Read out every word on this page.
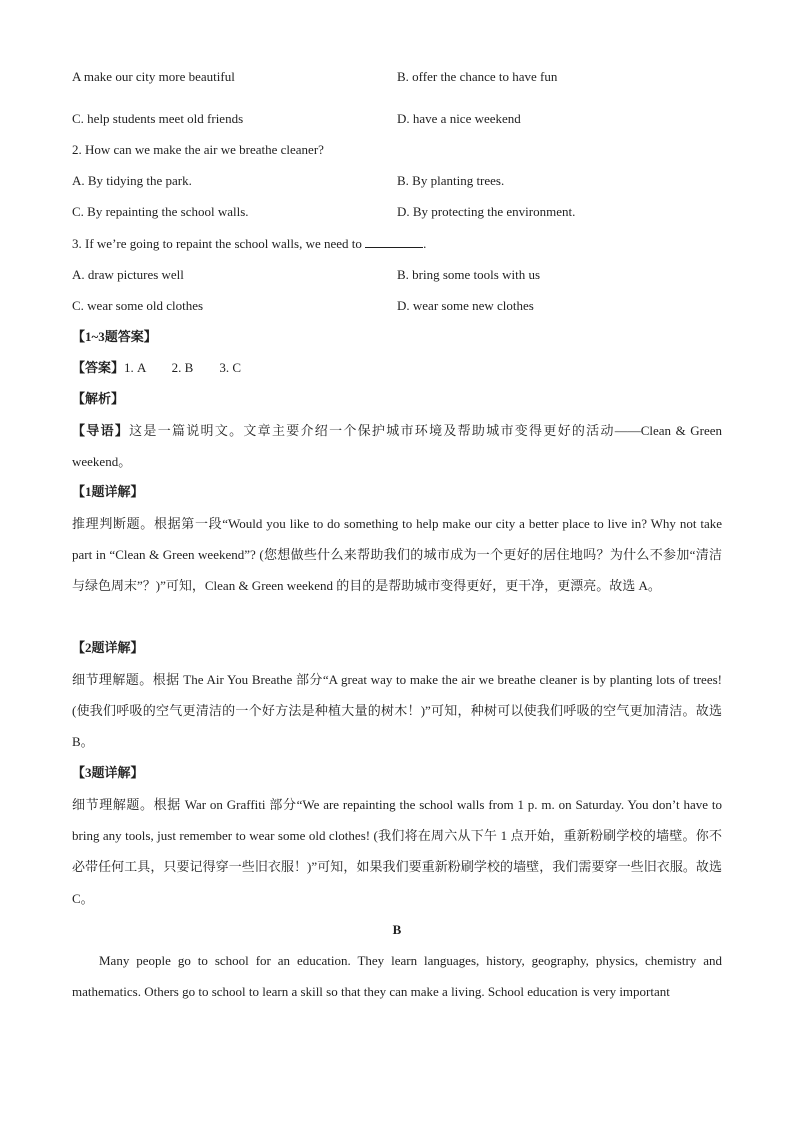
A make our city more beautiful	B. offer the chance to have fun
C. help students meet old friends	D. have a nice weekend
2. How can we make the air we breathe cleaner?
A. By tidying the park.	B. By planting trees.
C. By repainting the school walls.	D. By protecting the environment.
3. If we’re going to repaint the school walls, we need to	.
A. draw pictures well	B. bring some tools with us
C. wear some old clothes	D. wear some new clothes
【1~3题答案】
【答案】1. A        2. B        3. C
【解析】
【导语】这是一篇说明文。文章主要介绍一个保护城市环境及帮助城市变得更好的活动——Clean & Green weekend。
【1题详解】
推理判断题。根据第一段“Would you like to do something to help make our city a better place to live in? Why not take part in “Clean & Green weekend”? (您想做些什么来帮助我们的城市成为一个更好的居住地吗？为什么不参加“清洁与绿色周末”？)”可知，Clean & Green weekend 的目的是帮助城市变得更好，更干净，更漂亮。故选 A。
【2题详解】
细节理解题。根据 The Air You Breathe 部分“A great way to make the air we breathe cleaner is by planting lots of trees! (使我们呼吸的空气更清洁的一个好方法是种植大量的树木！)”可知，种树可以使我们呼吸的空气更加清洁。故选 B。
【3题详解】
细节理解题。根据 War on Graffiti 部分“We are repainting the school walls from 1 p. m. on Saturday. You don’t have to bring any tools, just remember to wear some old clothes! (我们将在周六从下午 1 点开始，重新粉刷学校的墙壁。你不必带任何工具，只要记得穿一些旧衣服！)”可知，如果我们要重新粉刷学校的墙壁，我们需要穿一些旧衣服。故选 C。
B
Many people go to school for an education. They learn languages, history, geography, physics, chemistry and mathematics. Others go to school to learn a skill so that they can make a living. School education is very important
